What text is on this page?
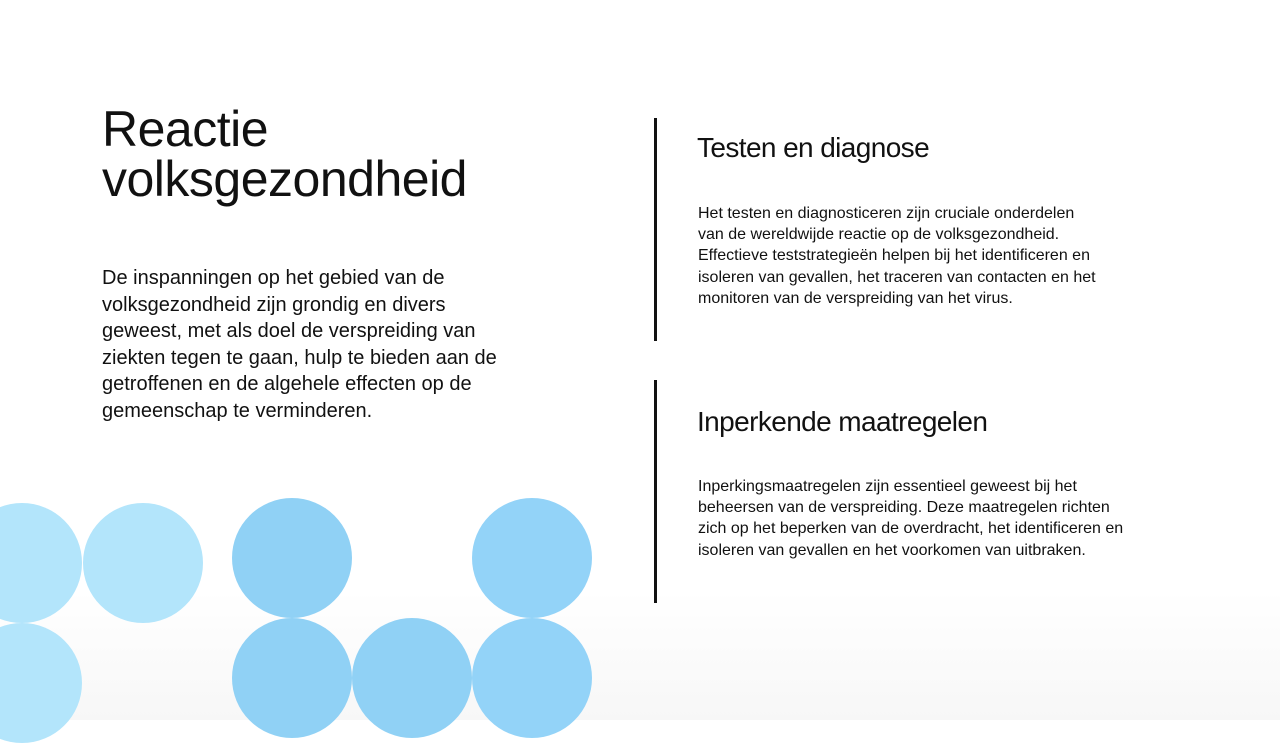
Reactie
volksgezondheid

De inspanningen op het gebied van de volksgezondheid zijn grondig en divers geweest, met als doel de verspreiding van ziekten tegen te gaan, hulp te bieden aan de getroffenen en de algehele effecten op de gemeenschap te verminderen.

Testen en diagnose

Het testen en diagnosticeren zijn cruciale onderdelen van de wereldwijde reactie op de volksgezondheid. Effectieve teststrategieën helpen bij het identificeren en isoleren van gevallen, het traceren van contacten en het monitoren van de verspreiding van het virus.

Inperkende maatregelen

Inperkingsmaatregelen zijn essentieel geweest bij het beheersen van de verspreiding. Deze maatregelen richten zich op het beperken van de overdracht, het identificeren en isoleren van gevallen en het voorkomen van uitbraken.
